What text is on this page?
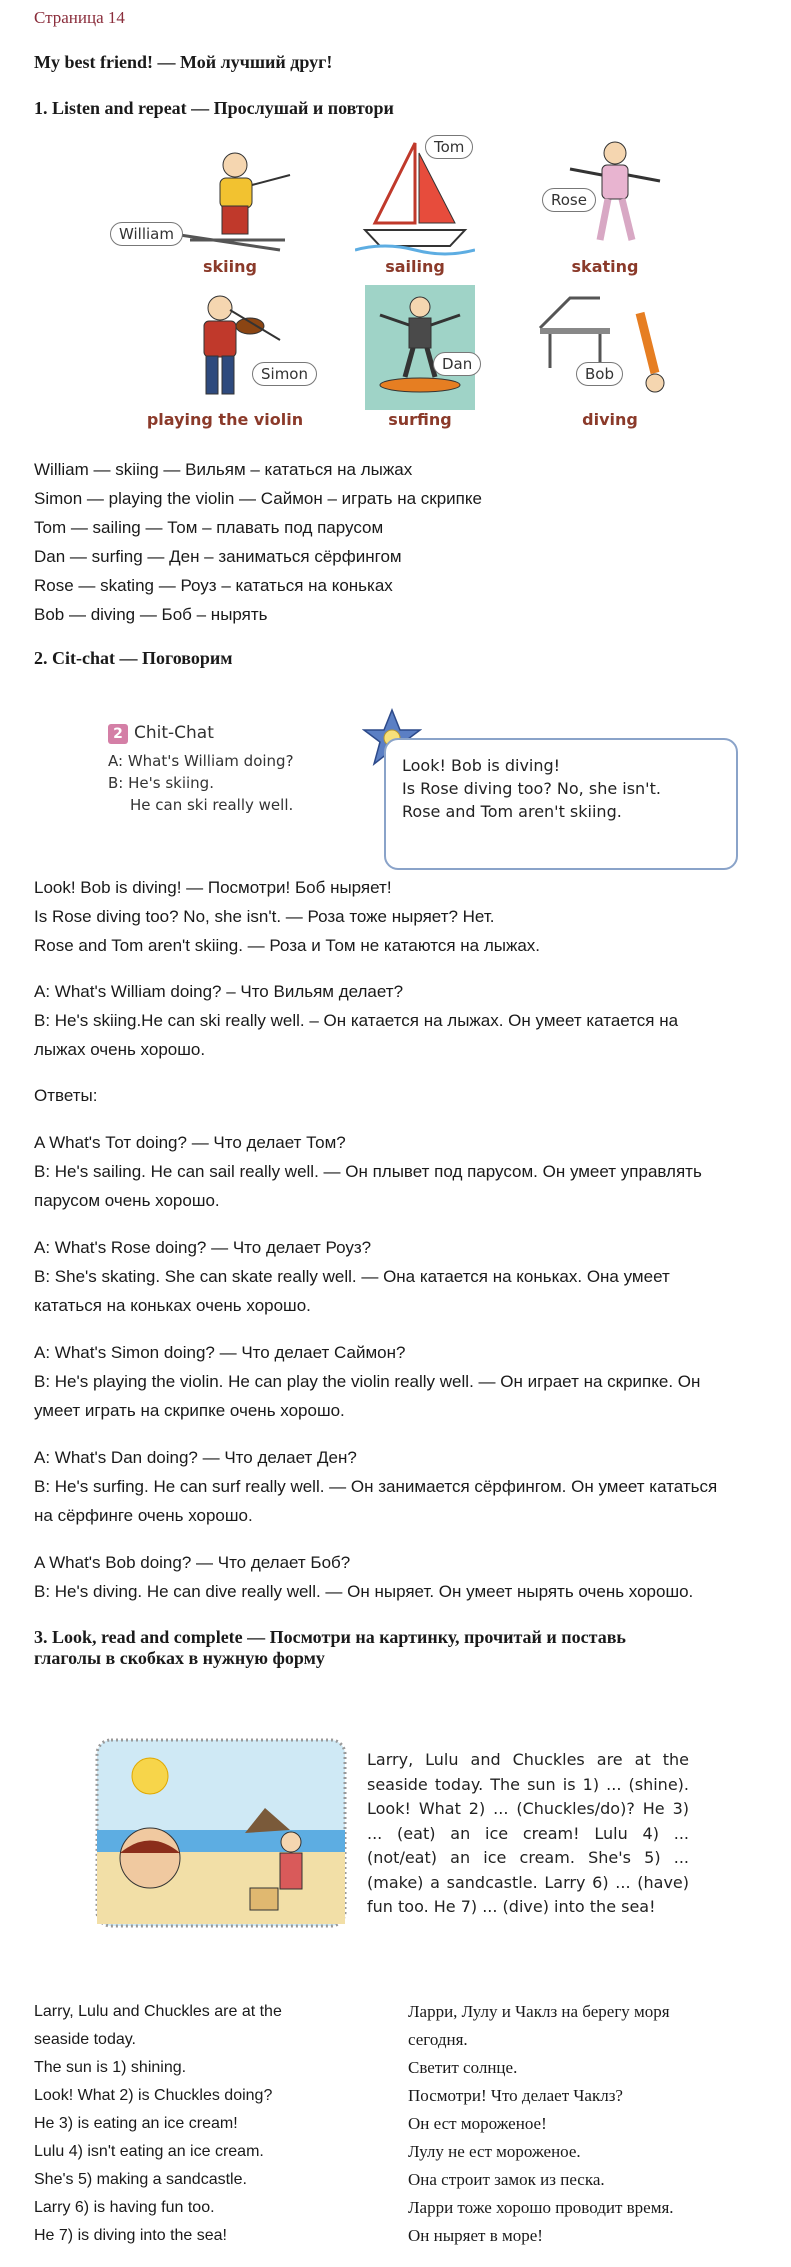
Страница 14
My best friend! — Мой лучший друг!
1. Listen and repeat — Прослушай и повтори
William
skiing
Tom
sailing
Rose
skating
Simon
playing the violin
Dan
surfing
Bob
diving
William — skiing — Вильям – кататься на лыжах
Simon — playing the violin — Саймон – играть на скрипке
Tom — sailing — Том – плавать под парусом
Dan — surfing — Ден – заниматься сёрфингом
Rose — skating — Роуз – кататься на коньках
Bob — diving — Боб – нырять
2. Cit-chat — Поговорим
2 Chit-Chat
A: What's William doing?
B: He's skiing.
He can ski really well.
Look! Bob is diving!
Is Rose diving too? No, she isn't.
Rose and Tom aren't skiing.
Look! Bob is diving! — Посмотри! Боб ныряет!
Is Rose diving too? No, she isn't. — Роза тоже ныряет? Нет.
Rose and Tom aren't skiing. — Роза и Том не катаются на лыжах.
A: What's William doing? – Что Вильям делает?
B: He's skiing.He can ski really well. – Он катается на лыжах. Он умеет катается на
лыжах очень хорошо.
Ответы:
A What's Тот doing? — Что делает Том?
B: He's sailing. He can sail really well. — Он плывет под парусом. Он умеет управлять
парусом очень хорошо.
A: What's Rose doing? — Что делает Роуз?
B: She's skating. She can skate really well. — Она катается на коньках. Она умеет
кататься на коньках очень хорошо.
A: What's Simon doing? — Что делает Саймон?
B: He's playing the violin. He can play the violin really well. — Он играет на скрипке. Он
умеет играть на скрипке очень хорошо.
A: What's Dan doing? — Что делает Ден?
B: He's surfing. He can surf really well. — Он занимается сёрфингом. Он умеет кататься
на сёрфинге очень хорошо.
A What's Bob doing? — Что делает Боб?
B: He's diving. He can dive really well. — Он ныряет. Он умеет нырять очень хорошо.
3. Look, read and complete — Посмотри на картинку, прочитай и поставь
глаголы в скобках в нужную форму
Larry, Lulu and Chuckles are at the seaside today. The sun is 1) ... (shine). Look! What 2) ... (Chuckles/do)? He 3) ... (eat) an ice cream! Lulu 4) ... (not/eat) an ice cream. She's 5) ... (make) a sandcastle. Larry 6) ... (have) fun too. He 7) ... (dive) into the sea!
Larry, Lulu and Chuckles are at the
seaside today.
The sun is 1) shining.
Look! What 2) is Chuckles doing?
He 3) is eating an ice cream!
Lulu 4) isn't eating an ice cream.
She's 5) making a sandcastle.
Larry 6) is having fun too.
He 7) is diving into the sea!
Ларри, Лулу и Чаклз на берегу моря
сегодня.
Светит солнце.
Посмотри! Что делает Чаклз?
Он ест мороженое!
Лулу не ест мороженое.
Она строит замок из песка.
Ларри тоже хорошо проводит время.
Он ныряет в море!
